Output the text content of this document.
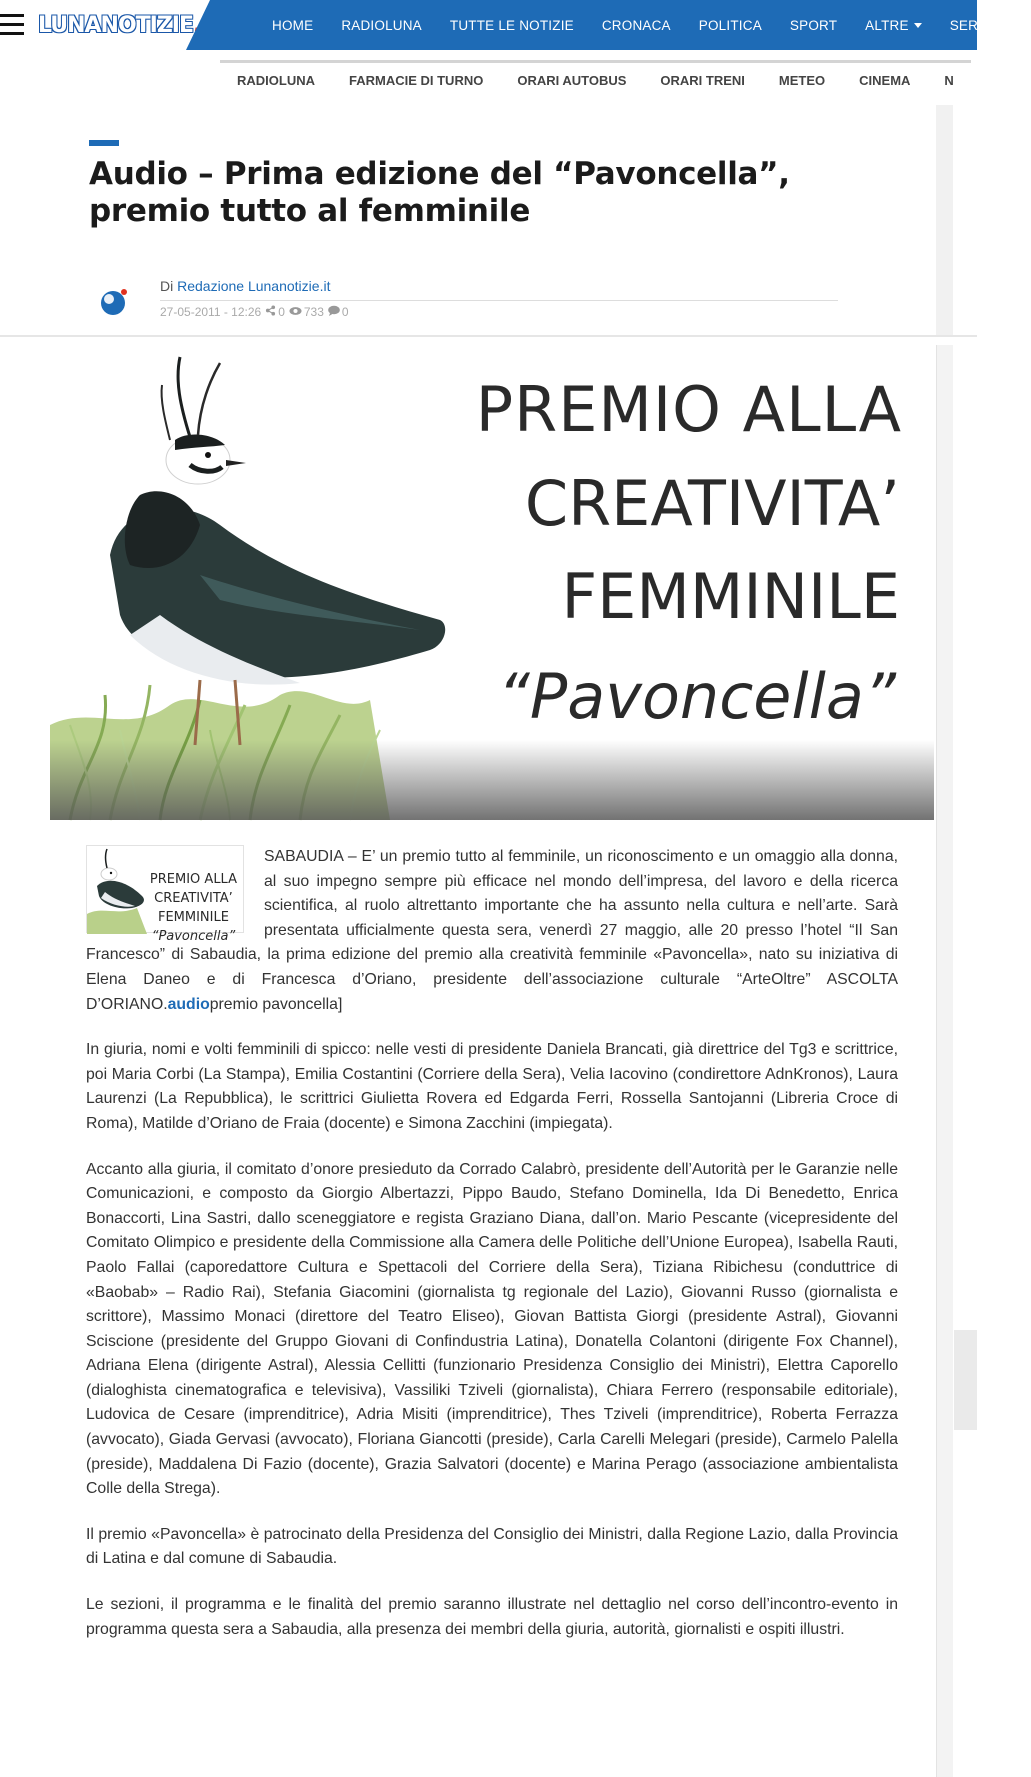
LUNANOTIZIE	HOME RADIOLUNA TUTTE LE NOTIZIE CRONACA POLITICA SPORT ALTRE	SERVIZI
RADIOLUNA	FARMACIE DI TURNO	ORARI AUTOBUS	ORARI TRENI	METEO	CINEMA	N
Audio – Prima edizione del “Pavoncella”, premio tutto al femminile
Di Redazione Lunanotizie.it
27-05-2011 - 12:26 0 733 0
PREMIO ALLA
CREATIVITA’
FEMMINILE
“Pavoncella”
PREMIO ALLA
CREATIVITA’
FEMMINILE
“Pavoncella”

SABAUDIA – E’ un premio tutto al femminile, un riconoscimento e un omaggio alla donna, al suo impegno sempre più efficace nel mondo dell’impresa, del lavoro e della ricerca scientifica, al ruolo altrettanto importante che ha assunto nella cultura e nell’arte. Sarà presentata ufficialmente questa sera, venerdì 27 maggio, alle 20 presso l’hotel “Il San Francesco” di Sabaudia, la prima edizione del premio alla creatività femminile «Pavoncella», nato su iniziativa di Elena Daneo e di Francesca d’Oriano, presidente dell’associazione culturale “ArteOltre” ASCOLTA D’ORIANO.audiopremio pavoncella]

In giuria, nomi e volti femminili di spicco: nelle vesti di presidente Daniela Brancati, già direttrice del Tg3 e scrittrice, poi Maria Corbi (La Stampa), Emilia Costantini (Corriere della Sera), Velia Iacovino (condirettore AdnKronos), Laura Laurenzi (La Repubblica), le scrittrici Giulietta Rovera ed Edgarda Ferri, Rossella Santojanni (Libreria Croce di Roma), Matilde d’Oriano de Fraia (docente) e Simona Zacchini (impiegata).

Accanto alla giuria, il comitato d’onore presieduto da Corrado Calabrò, presidente dell’Autorità per le Garanzie nelle Comunicazioni, e composto da Giorgio Albertazzi, Pippo Baudo, Stefano Dominella, Ida Di Benedetto, Enrica Bonaccorti, Lina Sastri, dallo sceneggiatore e regista Graziano Diana, dall’on. Mario Pescante (vicepresidente del Comitato Olimpico e presidente della Commissione alla Camera delle Politiche dell’Unione Europea), Isabella Rauti, Paolo Fallai (caporedattore Cultura e Spettacoli del Corriere della Sera), Tiziana Ribichesu (conduttrice di «Baobab» – Radio Rai), Stefania Giacomini (giornalista tg regionale del Lazio), Giovanni Russo (giornalista e scrittore), Massimo Monaci (direttore del Teatro Eliseo), Giovan Battista Giorgi (presidente Astral), Giovanni Sciscione (presidente del Gruppo Giovani di Confindustria Latina), Donatella Colantoni (dirigente Fox Channel), Adriana Elena (dirigente Astral), Alessia Cellitti (funzionario Presidenza Consiglio dei Ministri), Elettra Caporello (dialoghista cinematografica e televisiva), Vassiliki Tziveli (giornalista), Chiara Ferrero (responsabile editoriale), Ludovica de Cesare (imprenditrice), Adria Misiti (imprenditrice), Thes Tziveli (imprenditrice), Roberta Ferrazza (avvocato), Giada Gervasi (avvocato), Floriana Giancotti (preside), Carla Carelli Melegari (preside), Carmelo Palella (preside), Maddalena Di Fazio (docente), Grazia Salvatori (docente) e Marina Perago (associazione ambientalista Colle della Strega).

Il premio «Pavoncella» è patrocinato della Presidenza del Consiglio dei Ministri, dalla Regione Lazio, dalla Provincia di Latina e dal comune di Sabaudia.

Le sezioni, il programma e le finalità del premio saranno illustrate nel dettaglio nel corso dell’incontro-evento in programma questa sera a Sabaudia, alla presenza dei membri della giuria, autorità, giornalisti e ospiti illustri.
